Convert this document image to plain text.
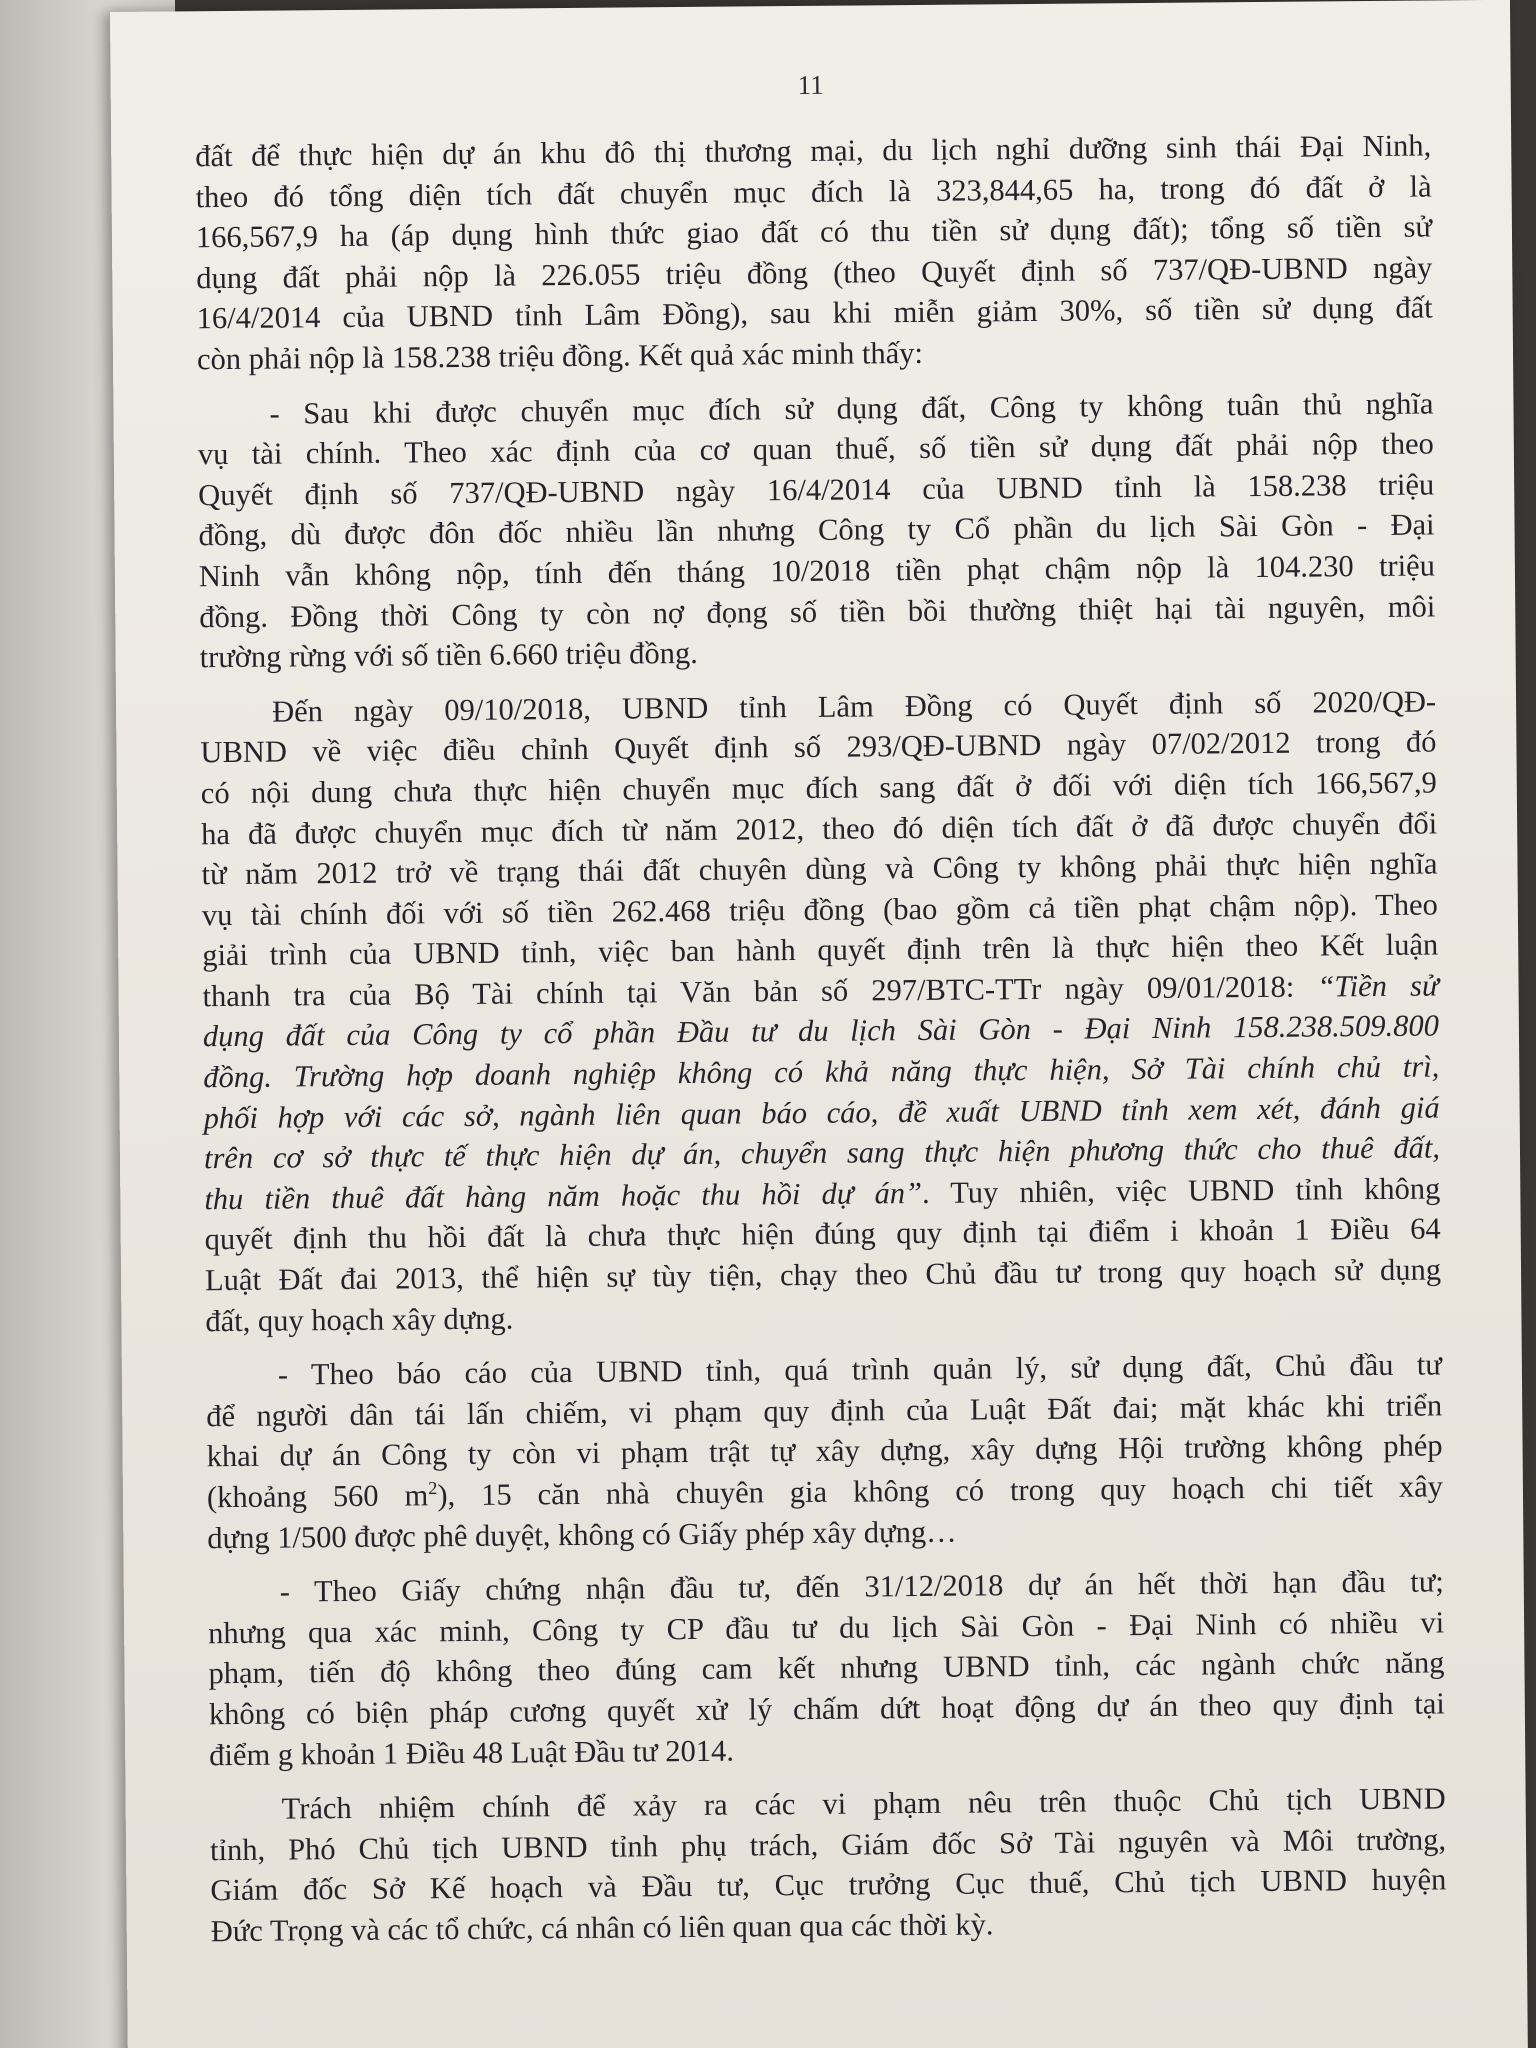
11
đất để thực hiện dự án khu đô thị thương mại, du lịch nghỉ dưỡng sinh thái Đại Ninh,
theo đó tổng diện tích đất chuyển mục đích là 323,844,65 ha, trong đó đất ở là
166,567,9 ha (áp dụng hình thức giao đất có thu tiền sử dụng đất); tổng số tiền sử
dụng đất phải nộp là 226.055 triệu đồng (theo Quyết định số 737/QĐ-UBND ngày
16/4/2014 của UBND tỉnh Lâm Đồng), sau khi miễn giảm 30%, số tiền sử dụng đất
còn phải nộp là 158.238 triệu đồng. Kết quả xác minh thấy:
- Sau khi được chuyển mục đích sử dụng đất, Công ty không tuân thủ nghĩa
vụ tài chính. Theo xác định của cơ quan thuế, số tiền sử dụng đất phải nộp theo
Quyết định số 737/QĐ-UBND ngày 16/4/2014 của UBND tỉnh là 158.238 triệu
đồng, dù được đôn đốc nhiều lần nhưng Công ty Cổ phần du lịch Sài Gòn - Đại
Ninh vẫn không nộp, tính đến tháng 10/2018 tiền phạt chậm nộp là 104.230 triệu
đồng. Đồng thời Công ty còn nợ đọng số tiền bồi thường thiệt hại tài nguyên, môi
trường rừng với số tiền 6.660 triệu đồng.
Đến ngày 09/10/2018, UBND tỉnh Lâm Đồng có Quyết định số 2020/QĐ-
UBND về việc điều chỉnh Quyết định số 293/QĐ-UBND ngày 07/02/2012 trong đó
có nội dung chưa thực hiện chuyển mục đích sang đất ở đối với diện tích 166,567,9
ha đã được chuyển mục đích từ năm 2012, theo đó diện tích đất ở đã được chuyển đổi
từ năm 2012 trở về trạng thái đất chuyên dùng và Công ty không phải thực hiện nghĩa
vụ tài chính đối với số tiền 262.468 triệu đồng (bao gồm cả tiền phạt chậm nộp). Theo
giải trình của UBND tỉnh, việc ban hành quyết định trên là thực hiện theo Kết luận
thanh tra của Bộ Tài chính tại Văn bản số 297/BTC-TTr ngày 09/01/2018: “Tiền sử
dụng đất của Công ty cổ phần Đầu tư du lịch Sài Gòn - Đại Ninh 158.238.509.800
đồng. Trường hợp doanh nghiệp không có khả năng thực hiện, Sở Tài chính chủ trì,
phối hợp với các sở, ngành liên quan báo cáo, đề xuất UBND tỉnh xem xét, đánh giá
trên cơ sở thực tế thực hiện dự án, chuyển sang thực hiện phương thức cho thuê đất,
thu tiền thuê đất hàng năm hoặc thu hồi dự án”. Tuy nhiên, việc UBND tỉnh không
quyết định thu hồi đất là chưa thực hiện đúng quy định tại điểm i khoản 1 Điều 64
Luật Đất đai 2013, thể hiện sự tùy tiện, chạy theo Chủ đầu tư trong quy hoạch sử dụng
đất, quy hoạch xây dựng.
- Theo báo cáo của UBND tỉnh, quá trình quản lý, sử dụng đất, Chủ đầu tư
để người dân tái lấn chiếm, vi phạm quy định của Luật Đất đai; mặt khác khi triển
khai dự án Công ty còn vi phạm trật tự xây dựng, xây dựng Hội trường không phép
(khoảng 560 $m^2$), 15 căn nhà chuyên gia không có trong quy hoạch chi tiết xây
dựng 1/500 được phê duyệt, không có Giấy phép xây dựng…
- Theo Giấy chứng nhận đầu tư, đến 31/12/2018 dự án hết thời hạn đầu tư;
nhưng qua xác minh, Công ty CP đầu tư du lịch Sài Gòn - Đại Ninh có nhiều vi
phạm, tiến độ không theo đúng cam kết nhưng UBND tỉnh, các ngành chức năng
không có biện pháp cương quyết xử lý chấm dứt hoạt động dự án theo quy định tại
điểm g khoản 1 Điều 48 Luật Đầu tư 2014.
Trách nhiệm chính để xảy ra các vi phạm nêu trên thuộc Chủ tịch UBND
tỉnh, Phó Chủ tịch UBND tỉnh phụ trách, Giám đốc Sở Tài nguyên và Môi trường,
Giám đốc Sở Kế hoạch và Đầu tư, Cục trưởng Cục thuế, Chủ tịch UBND huyện
Đức Trọng và các tổ chức, cá nhân có liên quan qua các thời kỳ.
